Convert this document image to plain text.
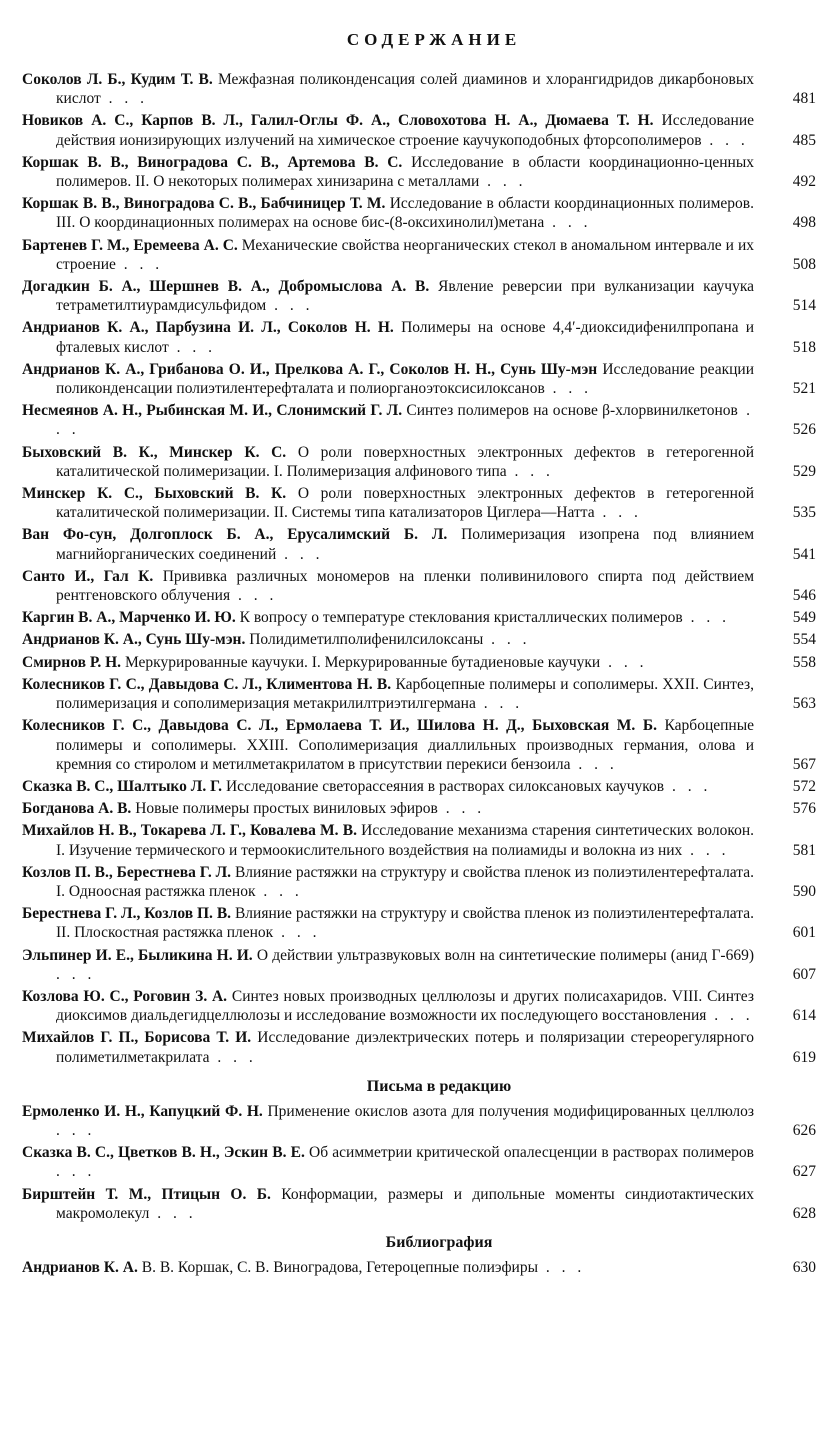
СОДЕРЖАНИЕ
Соколов Л. Б., Кудим Т. В. Межфазная поликонденсация солей диаминов и хлорангидридов дикарбоновых кислот . . .	481
Новиков А. С., Карпов В. Л., Галил-Оглы Ф. А., Словохотова Н. А., Дюмаева Т. Н. Исследование действия ионизирующих излучений на химическое строение каучукоподобных фторсополимеров . . .	485
Коршак В. В., Виноградова С. В., Артемова В. С. Исследование в области координационно-ценных полимеров. II. О некоторых полимерах хинизарина с металлами . . .	492
Коршак В. В., Виноградова С. В., Бабчиницер Т. М. Исследование в области координационных полимеров. III. О координационных полимерах на основе бис-(8-оксихинолил)метана . . .	498
Бартенев Г. М., Еремеева А. С. Механические свойства неорганических стекол в аномальном интервале и их строение . . .	508
Догадкин Б. А., Шершнев В. А., Добромыслова А. В. Явление реверсии при вулканизации каучука тетраметилтиурамдисульфидом . . .	514
Андрианов К. А., Парбузина И. Л., Соколов Н. Н. Полимеры на основе 4,4′-диоксидифенилпропана и фталевых кислот . . .	518
Андрианов К. А., Грибанова О. И., Прелкова А. Г., Соколов Н. Н., Сунь Шу-мэн Исследование реакции поликонденсации полиэтилентерефталата и полиорганоэтоксисилоксанов . . .	521
Несмеянов А. Н., Рыбинская М. И., Слонимский Г. Л. Синтез полимеров на основе β-хлорвинилкетонов . . .	526
Быховский В. К., Минскер К. С. О роли поверхностных электронных дефектов в гетерогенной каталитической полимеризации. I. Полимеризация алфинового типа . . .	529
Минскер К. С., Быховский В. К. О роли поверхностных электронных дефектов в гетерогенной каталитической полимеризации. II. Системы типа катализаторов Циглера—Натта . . .	535
Ван Фо-сун, Долгоплоск Б. А., Ерусалимский Б. Л. Полимеризация изопрена под влиянием магнийорганических соединений . . .	541
Санто И., Гал К. Прививка различных мономеров на пленки поливинилового спирта под действием рентгеновского облучения . . .	546
Каргин В. А., Марченко И. Ю. К вопросу о температуре стеклования кристаллических полимеров . . .	549
Андрианов К. А., Сунь Шу-мэн. Полидиметилполифенилсилоксаны . . .	554
Смирнов Р. Н. Меркурированные каучуки. I. Меркурированные бутадиеновые каучуки . . .	558
Колесников Г. С., Давыдова С. Л., Климентова Н. В. Карбоцепные полимеры и сополимеры. XXII. Синтез, полимеризация и сополимеризация метакрилилтриэтилгермана . . .	563
Колесников Г. С., Давыдова С. Л., Ермолаева Т. И., Шилова Н. Д., Быховская М. Б. Карбоцепные полимеры и сополимеры. XXIII. Сополимеризация диаллильных производных германия, олова и кремния со стиролом и метилметакрилатом в присутствии перекиси бензоила . . .	567
Сказка В. С., Шалтыко Л. Г. Исследование светорассеяния в растворах силоксановых каучуков . . .	572
Богданова А. В. Новые полимеры простых виниловых эфиров . . .	576
Михайлов Н. В., Токарева Л. Г., Ковалева М. В. Исследование механизма старения синтетических волокон. I. Изучение термического и термоокислительного воздействия на полиамиды и волокна из них . . .	581
Козлов П. В., Берестнева Г. Л. Влияние растяжки на структуру и свойства пленок из полиэтилентерефталата. I. Одноосная растяжка пленок . . .	590
Берестнева Г. Л., Козлов П. В. Влияние растяжки на структуру и свойства пленок из полиэтилентерефталата. II. Плоскостная растяжка пленок . . .	601
Эльпинер И. Е., Быликина Н. И. О действии ультразвуковых волн на синтетические полимеры (анид Г-669) . . .	607
Козлова Ю. С., Роговин З. А. Синтез новых производных целлюлозы и других полисахаридов. VIII. Синтез диоксимов диальдегидцеллюлозы и исследование возможности их последующего восстановления . . .	614
Михайлов Г. П., Борисова Т. И. Исследование диэлектрических потерь и поляризации стереорегулярного полиметилметакрилата . . .	619
Письма в редакцию
Ермоленко И. Н., Капуцкий Ф. Н. Применение окислов азота для получения модифицированных целлюлоз . . .	626
Сказка В. С., Цветков В. Н., Эскин В. Е. Об асимметрии критической опалесценции в растворах полимеров . . .	627
Бирштейн Т. М., Птицын О. Б. Конформации, размеры и дипольные моменты синдиотактических макромолекул . . .	628
Библиография
Андрианов К. А. В. В. Коршак, С. В. Виноградова, Гетероцепные полиэфиры . . .	630
